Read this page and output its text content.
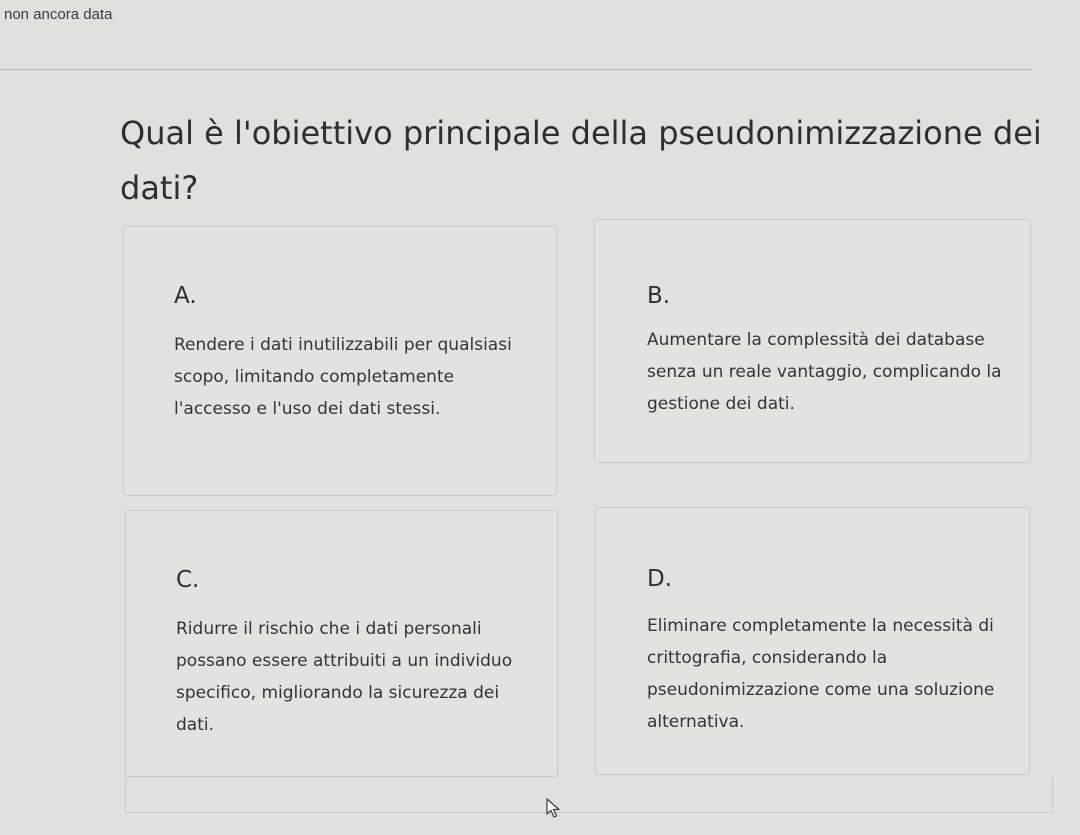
non ancora data
Qual è l'obiettivo principale della pseudonimizzazione dei dati?
A.
Rendere i dati inutilizzabili per qualsiasi scopo, limitando completamente l'accesso e l'uso dei dati stessi.
B.
Aumentare la complessità dei database senza un reale vantaggio, complicando la gestione dei dati.
C.
Ridurre il rischio che i dati personali possano essere attribuiti a un individuo specifico, migliorando la sicurezza dei dati.
D.
Eliminare completamente la necessità di crittografia, considerando la pseudonimizzazione come una soluzione alternativa.
